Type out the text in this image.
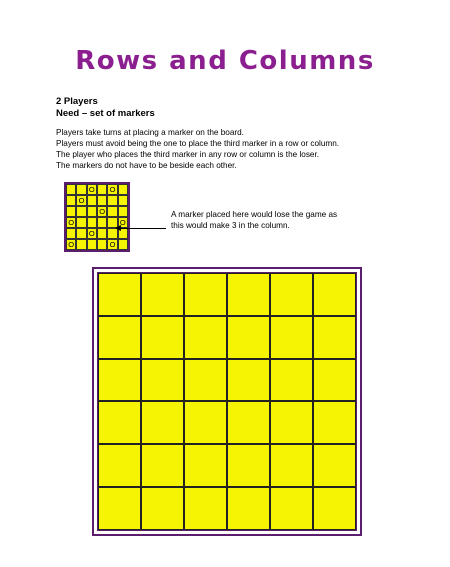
Rows and Columns
2 Players
Need – set of markers
Players take turns at placing a marker on the board.
Players must avoid being the one to place the third marker in a row or column.
The player who places the third marker in any row or column is the loser.
The markers do not have to be beside each other.
O	O
O
O
O	O
O
O	O
A marker placed here would lose the game as
this would make 3 in the column.
